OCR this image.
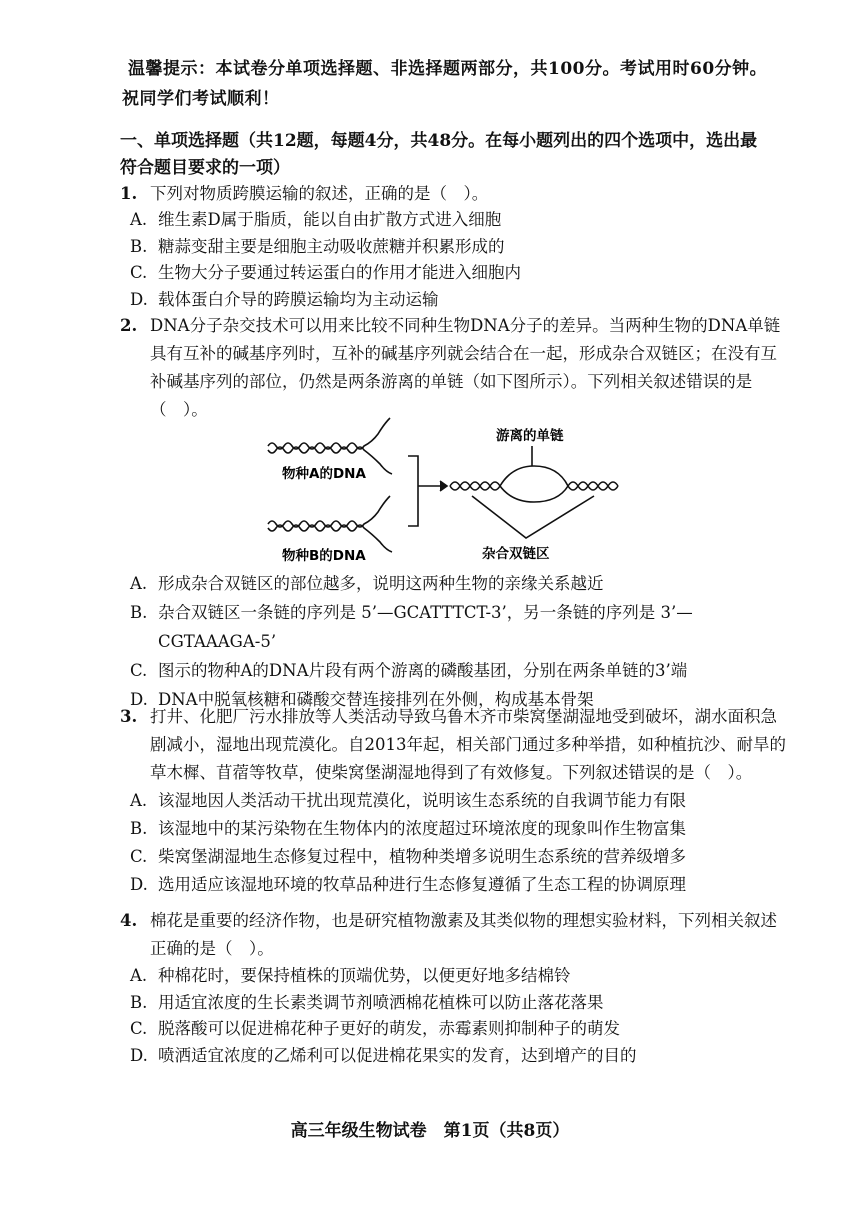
温馨提示：本试卷分单项选择题、非选择题两部分，共100分。考试用时60分钟。
祝同学们考试顺利！
一、单项选择题（共12题，每题4分，共48分。在每小题列出的四个选项中，选出最
符合题目要求的一项）
1. 下列对物质跨膜运输的叙述，正确的是（　）。
A. 维生素D属于脂质，能以自由扩散方式进入细胞
B. 糖蒜变甜主要是细胞主动吸收蔗糖并积累形成的
C. 生物大分子要通过转运蛋白的作用才能进入细胞内
D. 载体蛋白介导的跨膜运输均为主动运输
2. DNA分子杂交技术可以用来比较不同种生物DNA分子的差异。当两种生物的DNA单链具有互补的碱基序列时，互补的碱基序列就会结合在一起，形成杂合双链区；在没有互补碱基序列的部位，仍然是两条游离的单链（如下图所示）。下列相关叙述错误的是（　）。
物种A的DNA
物种B的DNA
游离的单链
杂合双链区
A. 形成杂合双链区的部位越多，说明这两种生物的亲缘关系越近
B. 杂合双链区一条链的序列是 5’—GCATTTCT-3’，另一条链的序列是 3’—CGTAAAGA-5’
C. 图示的物种A的DNA片段有两个游离的磷酸基团，分别在两条单链的3’端
D. DNA中脱氧核糖和磷酸交替连接排列在外侧，构成基本骨架
3. 打井、化肥厂污水排放等人类活动导致乌鲁木齐市柴窝堡湖湿地受到破坏，湖水面积急剧减小，湿地出现荒漠化。自2013年起，相关部门通过多种举措，如种植抗沙、耐旱的草木樨、苜蓿等牧草，使柴窝堡湖湿地得到了有效修复。下列叙述错误的是（　）。
A. 该湿地因人类活动干扰出现荒漠化，说明该生态系统的自我调节能力有限
B. 该湿地中的某污染物在生物体内的浓度超过环境浓度的现象叫作生物富集
C. 柴窝堡湖湿地生态修复过程中，植物种类增多说明生态系统的营养级增多
D. 选用适应该湿地环境的牧草品种进行生态修复遵循了生态工程的协调原理
4. 棉花是重要的经济作物，也是研究植物激素及其类似物的理想实验材料，下列相关叙述正确的是（　）。
A. 种棉花时，要保持植株的顶端优势，以便更好地多结棉铃
B. 用适宜浓度的生长素类调节剂喷洒棉花植株可以防止落花落果
C. 脱落酸可以促进棉花种子更好的萌发，赤霉素则抑制种子的萌发
D. 喷洒适宜浓度的乙烯利可以促进棉花果实的发育，达到增产的目的
高三年级生物试卷　第1页（共8页）
